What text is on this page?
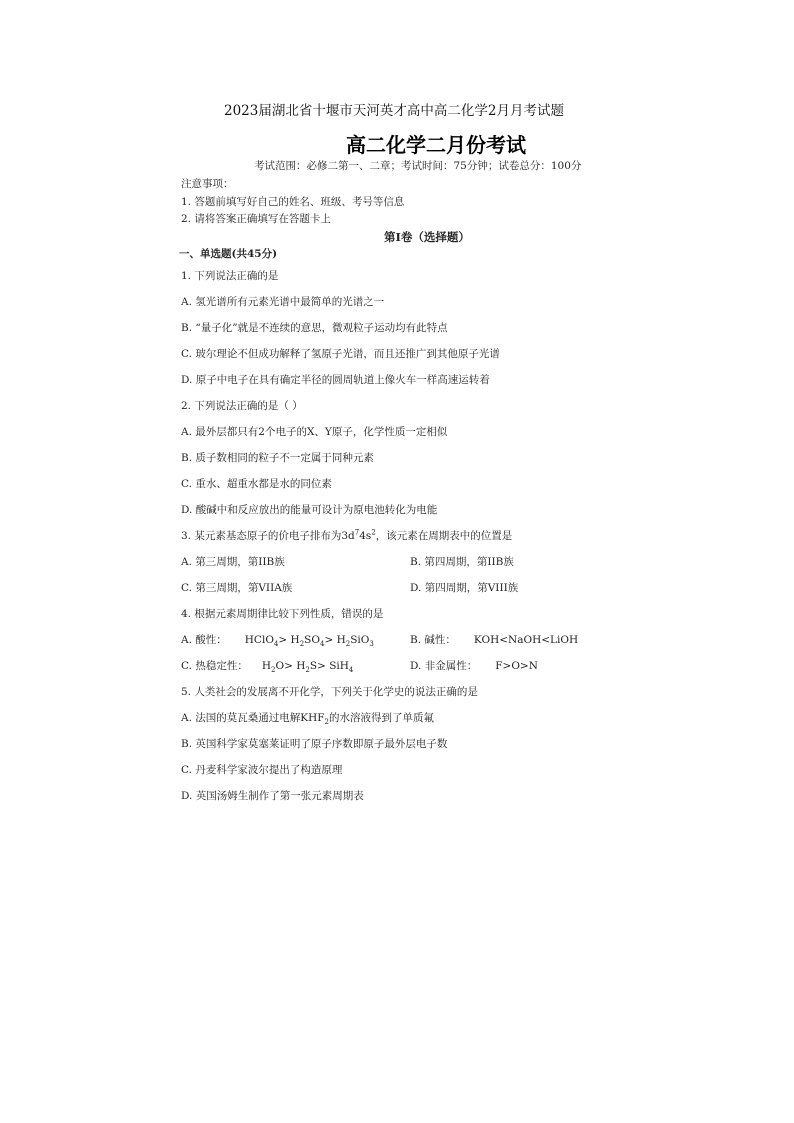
2023届湖北省十堰市天河英才高中高二化学2月月考试题
高二化学二月份考试
考试范围：必修二第一、二章；考试时间：75分钟；试卷总分：100分
注意事项：
1. 答题前填写好自己的姓名、班级、考号等信息
2. 请将答案正确填写在答题卡上
第Ⅰ卷（选择题）
一、单选题(共45分)
1. 下列说法正确的是
A. 氢光谱所有元素光谱中最简单的光谱之一
B. “量子化”就是不连续的意思，微观粒子运动均有此特点
C. 玻尔理论不但成功解释了氢原子光谱，而且还推广到其他原子光谱
D. 原子中电子在具有确定半径的圆周轨道上像火车一样高速运转着
2. 下列说法正确的是（ ）
A. 最外层都只有2个电子的X、Y原子，化学性质一定相似
B. 质子数相同的粒子不一定属于同种元素
C. 重水、超重水都是水的同位素
D. 酸碱中和反应放出的能量可设计为原电池转化为电能
3. 某元素基态原子的价电子排布为$3d^74s^2$，该元素在周期表中的位置是
A. 第三周期，第IIB族	B. 第四周期，第IIB族
C. 第三周期，第VIIA族	D. 第四周期，第VIII族
4. 根据元素周期律比较下列性质，错误的是
A. 酸性： HClO$_4$> $H_2SO_4> H_2SiO_3$	B. 碱性： KOH<NaOH<LiOH
C. 热稳定性： $H_2O> H_2S> SiH_4$	D. 非金属性： F>O>N
5. 人类社会的发展离不开化学，下列关于化学史的说法正确的是
A. 法国的莫瓦桑通过电解$KHF_2$的水溶液得到了单质氟
B. 英国科学家莫塞莱证明了原子序数即原子最外层电子数
C. 丹麦科学家波尔提出了构造原理
D. 英国汤姆生制作了第一张元素周期表
